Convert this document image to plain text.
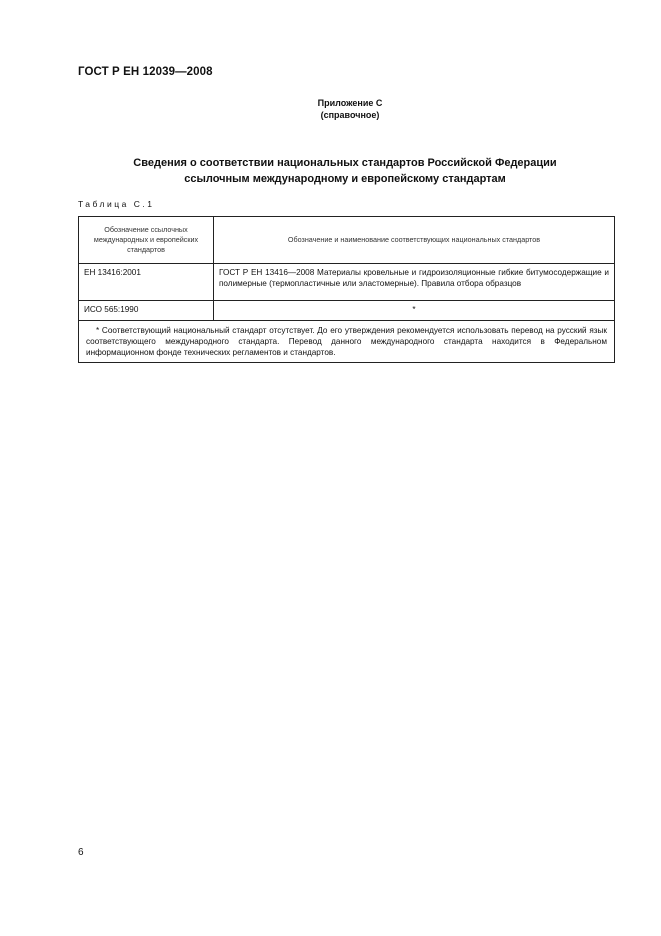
ГОСТ Р ЕН 12039—2008
Приложение С
(справочное)
Сведения о соответствии национальных стандартов Российской Федерации
ссылочным международному и европейскому стандартам
Таблица С.1
Обозначение ссылочных международных и европейских стандартов	Обозначение и наименование соответствующих национальных стандартов
ЕН 13416:2001	ГОСТ Р ЕН 13416—2008 Материалы кровельные и гидроизоляционные гибкие битумосодержащие и полимерные (термопластичные или эластомерные). Правила отбора образцов
ИСО 565:1990	*

* Соответствующий национальный стандарт отсутствует. До его утверждения рекомендуется использовать перевод на русский язык соответствующего международного стандарта. Перевод данного международного стандарта находится в Федеральном информационном фонде технических регламентов и стандартов.	
6
